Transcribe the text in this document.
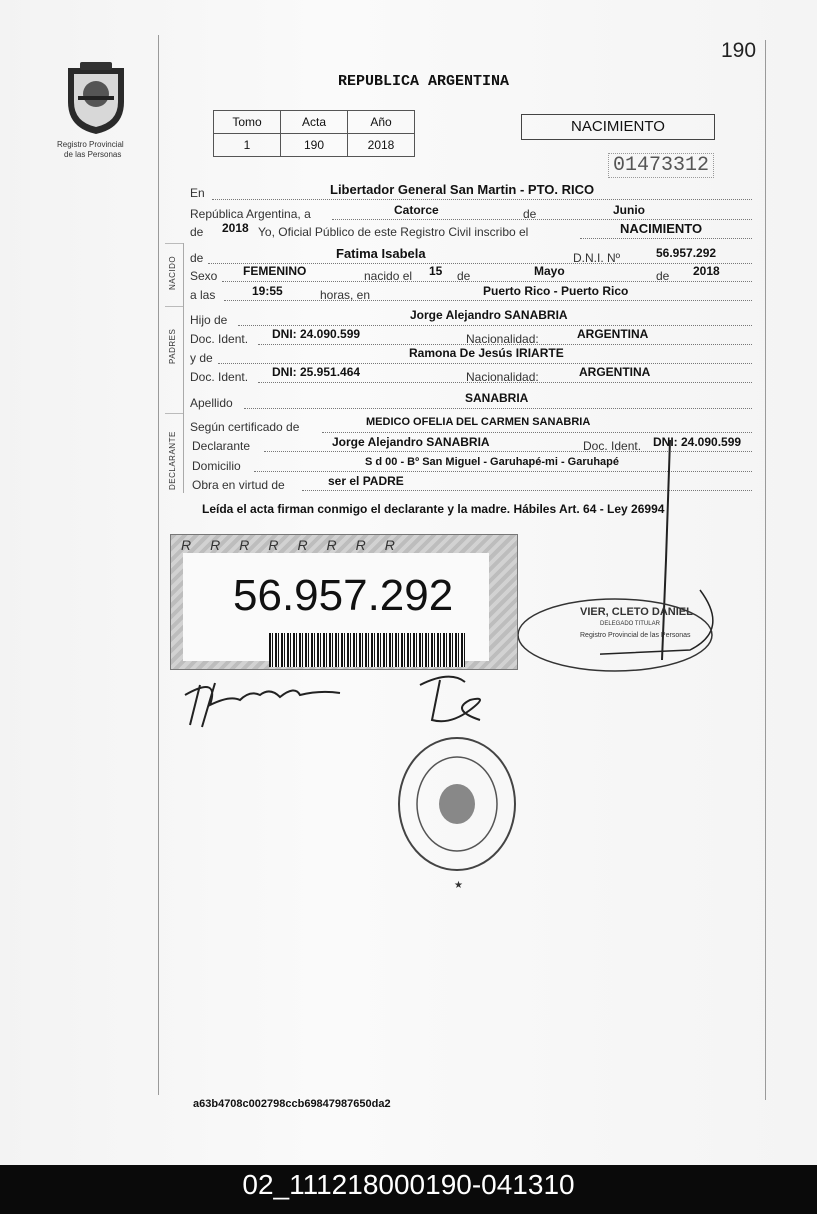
190
Registro Provincial
de las Personas
REPUBLICA ARGENTINA
Tomo	Acta	Año
1	190	2018
NACIMIENTO
01473312
NACIDO
PADRES
DECLARANTE
En	Libertador General San Martin - PTO. RICO
República Argentina, a	Catorce	de	Junio
de 2018 Yo, Oficial Público de este Registro Civil inscribo el	NACIMIENTO
de	Fatima Isabela	D.N.I. Nº	56.957.292
Sexo FEMENINO	nacido el 15 de	Mayo	de 2018
a las	19:55	horas, en	Puerto Rico - Puerto Rico
Hijo de	Jorge Alejandro SANABRIA
Doc. Ident. DNI: 24.090.599	Nacionalidad:	ARGENTINA
y de	Ramona De Jesús IRIARTE
Doc. Ident. DNI: 25.951.464	Nacionalidad:	ARGENTINA
Apellido	SANABRIA
Según certificado de	MEDICO OFELIA DEL CARMEN SANABRIA
Declarante	Jorge Alejandro SANABRIA	Doc. Ident. DNI: 24.090.599
Domicilio	S d 00 - Bº San Miguel - Garuhapé-mi - Garuhapé
Obra en virtud de	ser el PADRE
Leída el acta firman conmigo el declarante y la madre. Hábiles Art. 64 - Ley 26994
VIER, CLETO DANIEL
DELEGADO TITULAR
Registro Provincial de las Personas
RRRRRRRR
56.957.292
★
a63b4708c002798ccb69847987650da2
02_111218000190-041310
